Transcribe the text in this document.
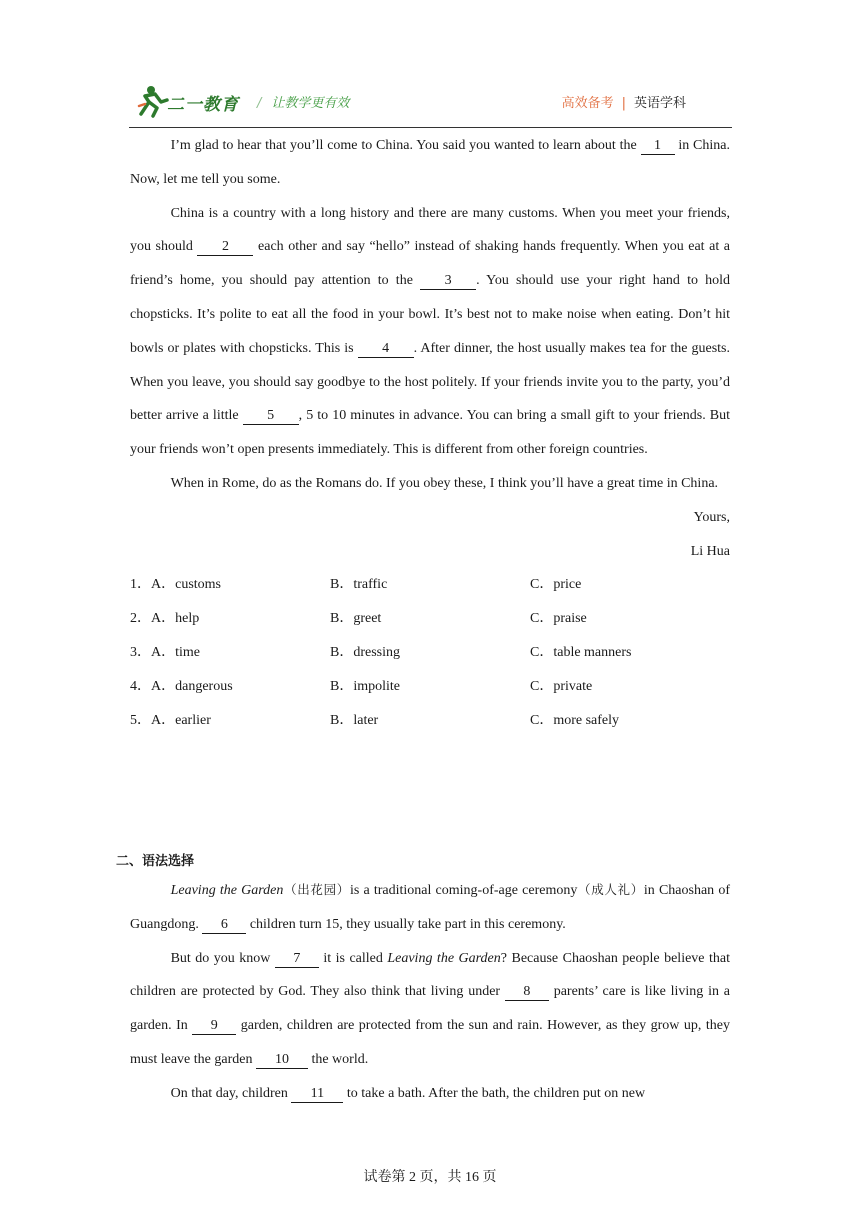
二一教育 / 让教学更有效	高效备考 | 英语学科

I’m glad to hear that you’ll come to China. You said you wanted to learn about the 1 in China. Now, let me tell you some.

China is a country with a long history and there are many customs. When you meet your friends, you should 2 each other and say “hello” instead of shaking hands frequently. When you eat at a friend’s home, you should pay attention to the 3 . You should use your right hand to hold chopsticks. It’s polite to eat all the food in your bowl. It’s best not to make noise when eating. Don’t hit bowls or plates with chopsticks. This is 4 . After dinner, the host usually makes tea for the guests. When you leave, you should say goodbye to the host politely. If your friends invite you to the party, you’d better arrive a little 5 , 5 to 10 minutes in advance. You can bring a small gift to your friends. But your friends won’t open presents immediately. This is different from other foreign countries.

When in Rome, do as the Romans do. If you obey these, I think you’ll have a great time in China.

Yours,

Li Hua

1．A．customs	B．traffic	C．price
2．A．help	B．greet	C．praise
3．A．time	B．dressing	C．table manners
4．A．dangerous	B．impolite	C．private
5．A．earlier	B．later	C．more safely
二、语法选择

Leaving the Garden（出花园）is a traditional coming-of-age ceremony（成人礼）in Chaoshan of Guangdong. 6 children turn 15, they usually take part in this ceremony.

But do you know 7 it is called Leaving the Garden? Because Chaoshan people believe that children are protected by God. They also think that living under 8 parents’ care is like living in a garden. In 9 garden, children are protected from the sun and rain. However, as they grow up, they must leave the garden 10 the world.

On that day, children 11 to take a bath. After the bath, the children put on new

试卷第 2 页，共 16 页
